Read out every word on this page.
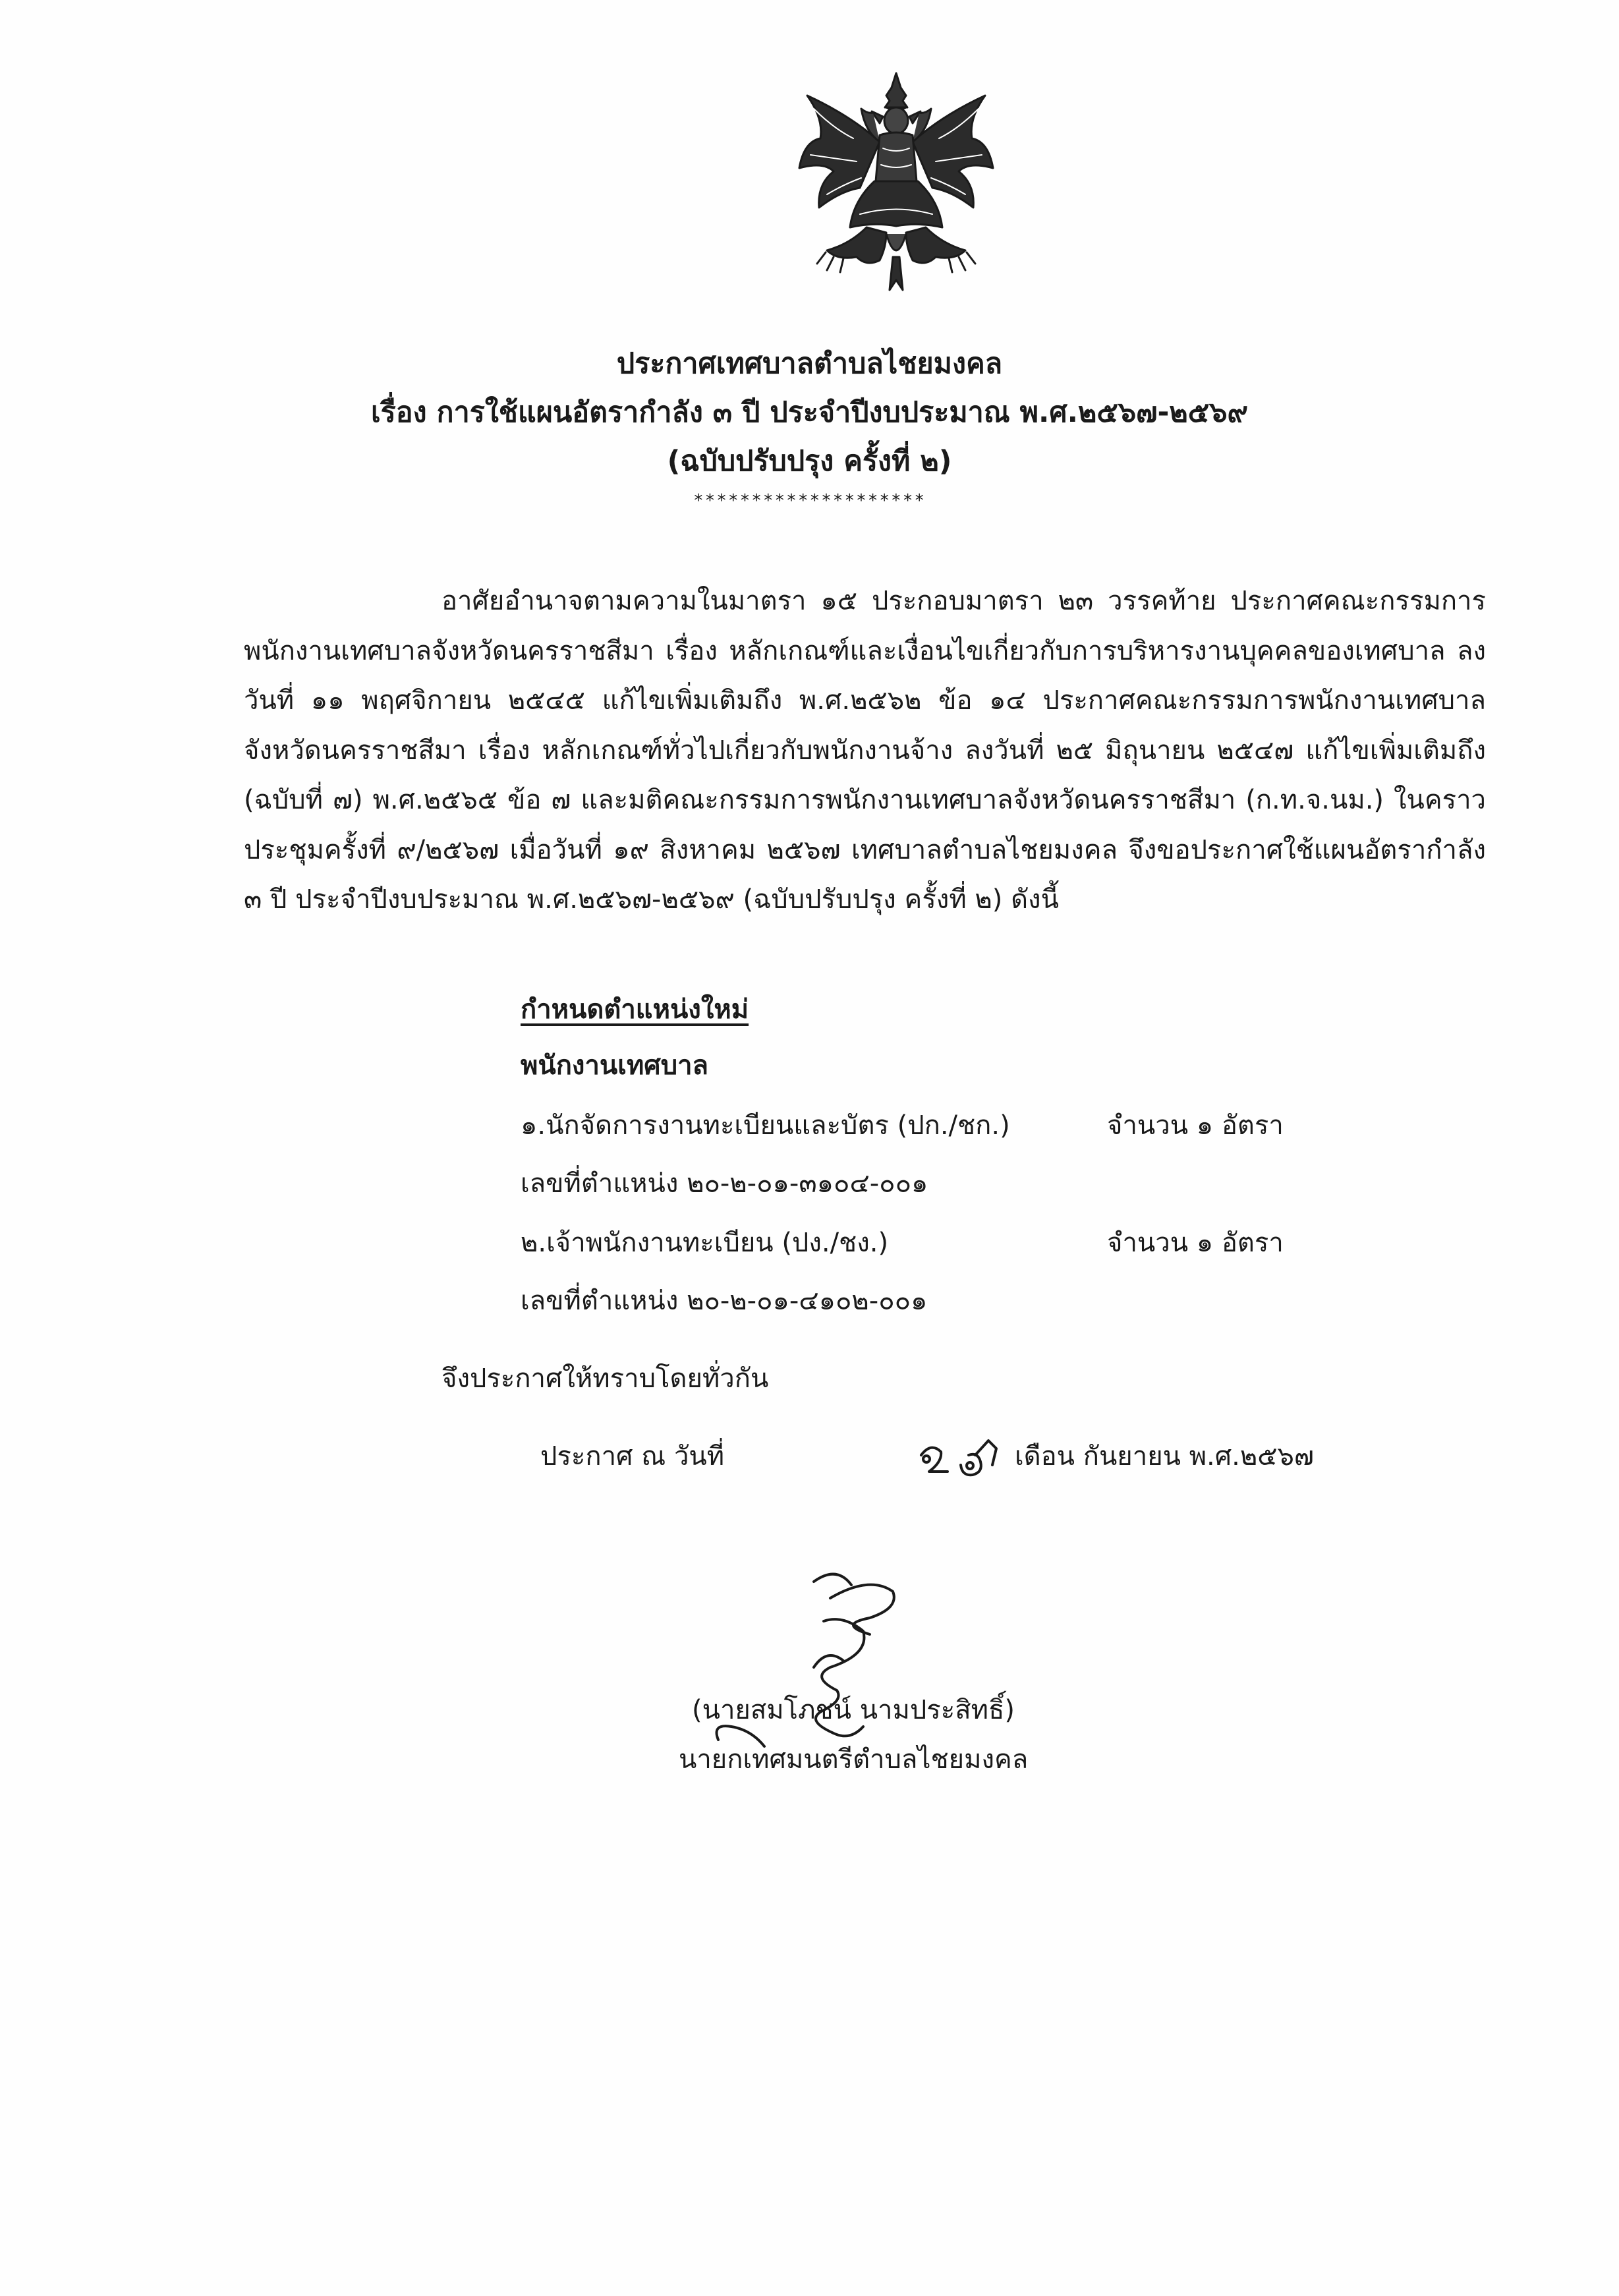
ประกาศเทศบาลตำบลไชยมงคล
เรื่อง การใช้แผนอัตรากำลัง ๓ ปี ประจำปีงบประมาณ พ.ศ.๒๕๖๗-๒๕๖๙
(ฉบับปรับปรุง ครั้งที่ ๒)
********************
อาศัยอำนาจตามความในมาตรา ๑๕ ประกอบมาตรา ๒๓ วรรคท้าย ประกาศคณะกรรมการพนักงานเทศบาลจังหวัดนครราชสีมา เรื่อง หลักเกณฑ์และเงื่อนไขเกี่ยวกับการบริหารงานบุคคลของเทศบาล ลงวันที่ ๑๑ พฤศจิกายน ๒๕๔๕ แก้ไขเพิ่มเติมถึง พ.ศ.๒๕๖๒ ข้อ ๑๔ ประกาศคณะกรรมการพนักงานเทศบาลจังหวัดนครราชสีมา เรื่อง หลักเกณฑ์ทั่วไปเกี่ยวกับพนักงานจ้าง ลงวันที่ ๒๕ มิถุนายน ๒๕๔๗ แก้ไขเพิ่มเติมถึง (ฉบับที่ ๗) พ.ศ.๒๕๖๕ ข้อ ๗ และมติคณะกรรมการพนักงานเทศบาลจังหวัดนครราชสีมา (ก.ท.จ.นม.) ในคราวประชุมครั้งที่ ๙/๒๕๖๗ เมื่อวันที่ ๑๙ สิงหาคม ๒๕๖๗ เทศบาลตำบลไชยมงคล จึงขอประกาศใช้แผนอัตรากำลัง ๓ ปี ประจำปีงบประมาณ พ.ศ.๒๕๖๗-๒๕๖๙ (ฉบับปรับปรุง ครั้งที่ ๒) ดังนี้
กำหนดตำแหน่งใหม่
พนักงานเทศบาล
๑.นักจัดการงานทะเบียนและบัตร (ปก./ชก.)	จำนวน ๑ อัตรา
เลขที่ตำแหน่ง ๒๐-๒-๐๑-๓๑๐๔-๐๐๑
๒.เจ้าพนักงานทะเบียน (ปง./ชง.)	จำนวน ๑ อัตรา
เลขที่ตำแหน่ง ๒๐-๒-๐๑-๔๑๐๒-๐๐๑
จึงประกาศให้ทราบโดยทั่วกัน
ประกาศ ณ วันที่	เดือน กันยายน พ.ศ.๒๕๖๗
(นายสมโภชน์ นามประสิทธิ์)
นายกเทศมนตรีตำบลไชยมงคล
